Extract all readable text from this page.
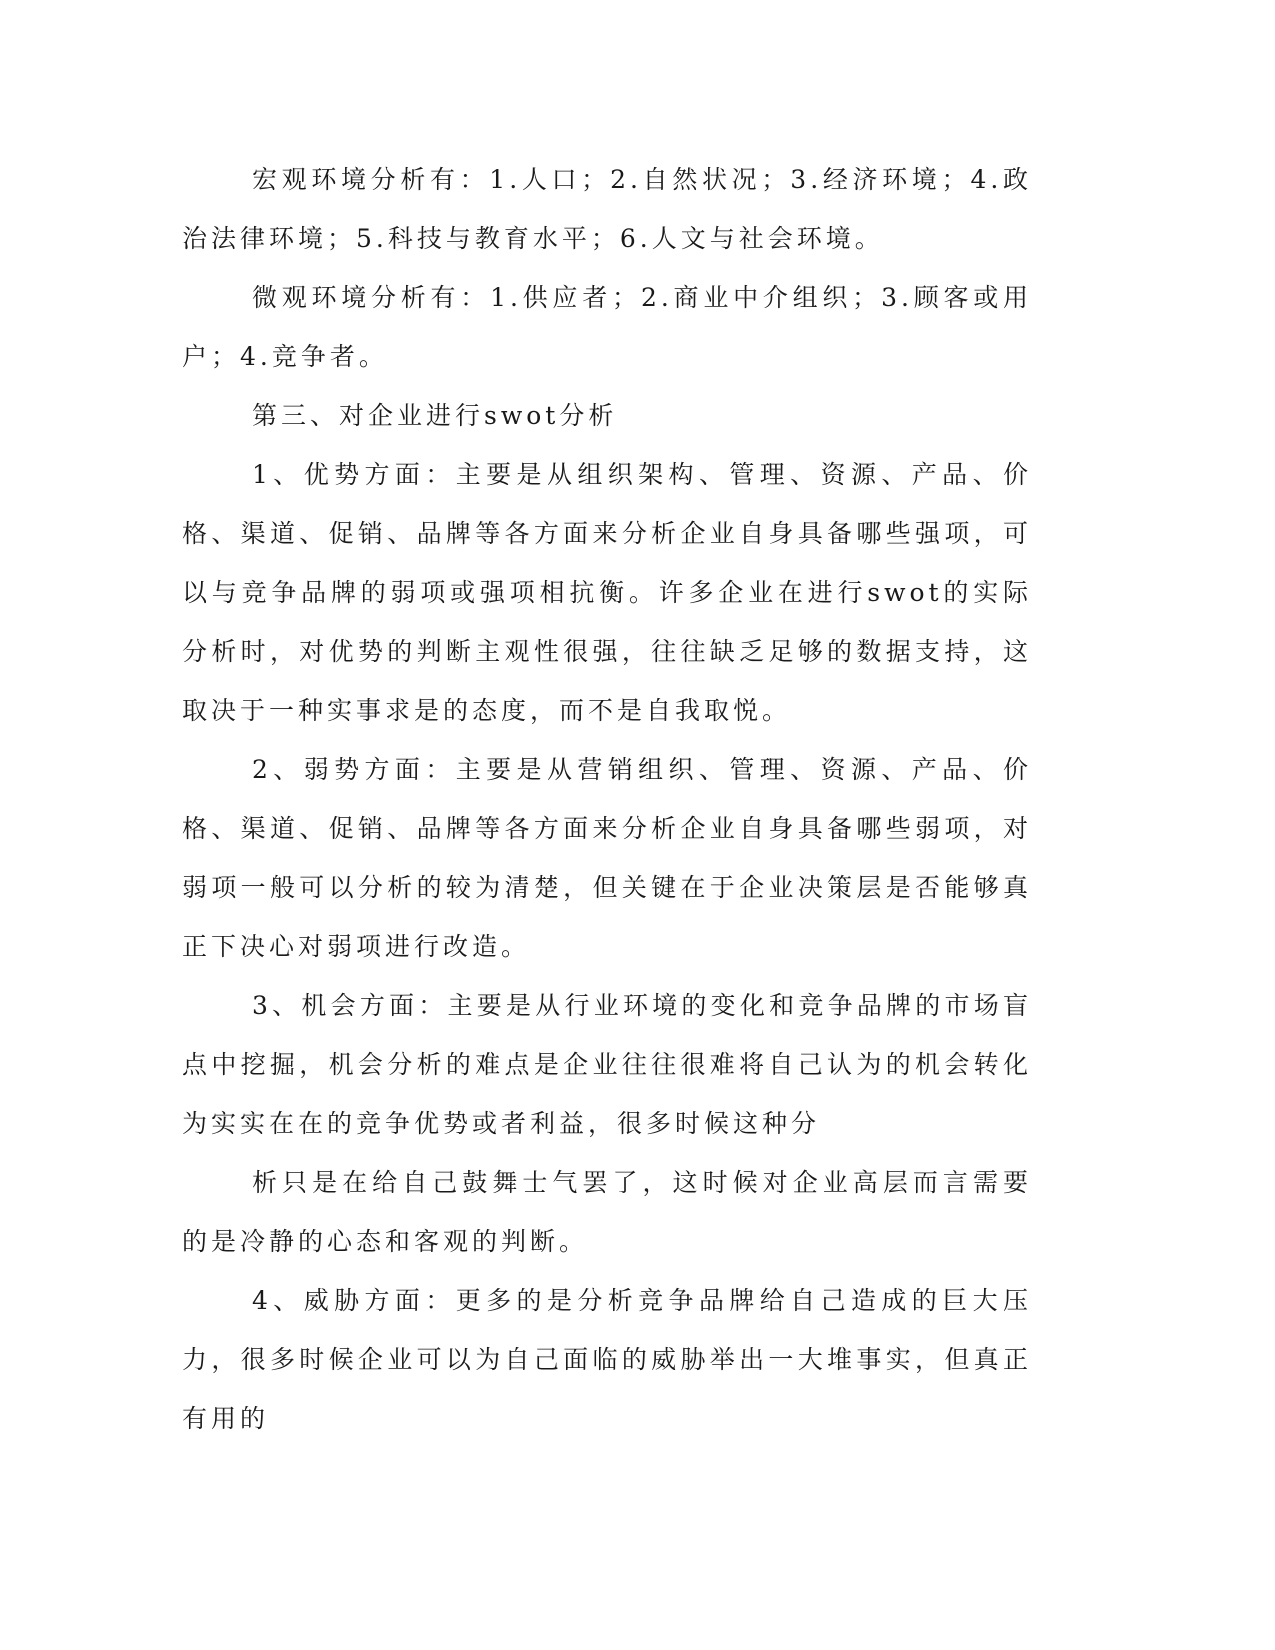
宏观环境分析有：1.人口；2.自然状况；3.经济环境；4.政治法律环境；5.科技与教育水平；6.人文与社会环境。

微观环境分析有：1.供应者；2.商业中介组织；3.顾客或用户；4.竞争者。

第三、对企业进行swot分析

1、优势方面：主要是从组织架构、管理、资源、产品、价格、渠道、促销、品牌等各方面来分析企业自身具备哪些强项，可以与竞争品牌的弱项或强项相抗衡。许多企业在进行swot的实际分析时，对优势的判断主观性很强，往往缺乏足够的数据支持，这取决于一种实事求是的态度，而不是自我取悦。

2、弱势方面：主要是从营销组织、管理、资源、产品、价格、渠道、促销、品牌等各方面来分析企业自身具备哪些弱项，对弱项一般可以分析的较为清楚，但关键在于企业决策层是否能够真正下决心对弱项进行改造。

3、机会方面：主要是从行业环境的变化和竞争品牌的市场盲点中挖掘，机会分析的难点是企业往往很难将自己认为的机会转化为实实在在的竞争优势或者利益，很多时候这种分

析只是在给自己鼓舞士气罢了，这时候对企业高层而言需要的是冷静的心态和客观的判断。

4、威胁方面：更多的是分析竞争品牌给自己造成的巨大压力，很多时候企业可以为自己面临的威胁举出一大堆事实，但真正有用的
